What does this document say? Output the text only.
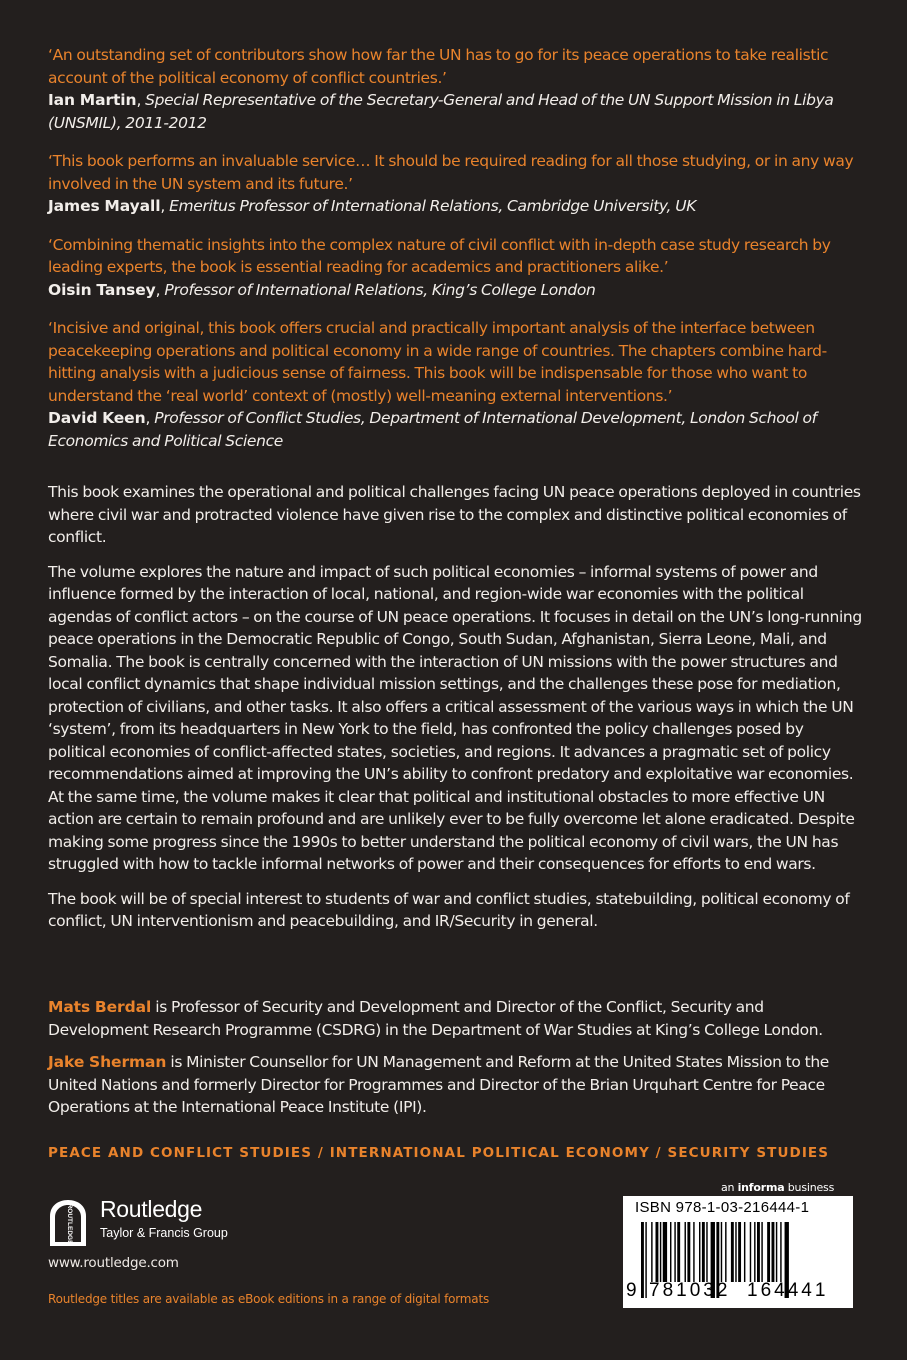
‘An outstanding set of contributors show how far the UN has to go for its peace operations to take realistic account of the political economy of conflict countries.’
Ian Martin, Special Representative of the Secretary-General and Head of the UN Support Mission in Libya (UNSMIL), 2011-2012
‘This book performs an invaluable service… It should be required reading for all those studying, or in any way involved in the UN system and its future.’
James Mayall, Emeritus Professor of International Relations, Cambridge University, UK
‘Combining thematic insights into the complex nature of civil conflict with in-depth case study research by leading experts, the book is essential reading for academics and practitioners alike.’
Oisin Tansey, Professor of International Relations, King’s College London
‘Incisive and original, this book offers crucial and practically important analysis of the interface between peacekeeping operations and political economy in a wide range of countries. The chapters combine hard-hitting analysis with a judicious sense of fairness. This book will be indispensable for those who want to understand the ‘real world’ context of (mostly) well-meaning external interventions.’
David Keen, Professor of Conflict Studies, Department of International Development, London School of Economics and Political Science

This book examines the operational and political challenges facing UN peace operations deployed in countries where civil war and protracted violence have given rise to the complex and distinctive political economies of conflict.

The volume explores the nature and impact of such political economies – informal systems of power and influence formed by the interaction of local, national, and region-wide war economies with the political agendas of conflict actors – on the course of UN peace operations. It focuses in detail on the UN’s long-running peace operations in the Democratic Republic of Congo, South Sudan, Afghanistan, Sierra Leone, Mali, and Somalia. The book is centrally concerned with the interaction of UN missions with the power structures and local conflict dynamics that shape individual mission settings, and the challenges these pose for mediation, protection of civilians, and other tasks. It also offers a critical assessment of the various ways in which the UN ‘system’, from its headquarters in New York to the field, has confronted the policy challenges posed by political economies of conflict-affected states, societies, and regions. It advances a pragmatic set of policy recommendations aimed at improving the UN’s ability to confront predatory and exploitative war economies. At the same time, the volume makes it clear that political and institutional obstacles to more effective UN action are certain to remain profound and are unlikely ever to be fully overcome let alone eradicated. Despite making some progress since the 1990s to better understand the political economy of civil wars, the UN has struggled with how to tackle informal networks of power and their consequences for efforts to end wars.

The book will be of special interest to students of war and conflict studies, statebuilding, political economy of conflict, UN interventionism and peacebuilding, and IR/Security in general.

Mats Berdal is Professor of Security and Development and Director of the Conflict, Security and Development Research Programme (CSDRG) in the Department of War Studies at King’s College London.

Jake Sherman is Minister Counsellor for UN Management and Reform at the United States Mission to the United Nations and formerly Director for Programmes and Director of the Brian Urquhart Centre for Peace Operations at the International Peace Institute (IPI).

PEACE AND CONFLICT STUDIES / INTERNATIONAL POLITICAL ECONOMY / SECURITY STUDIES
ROUTLEDGE Routledge
Taylor & Francis Group
www.routledge.com
Routledge titles are available as eBook editions in a range of digital formats
an informa business
ISBN 978-1-03-216444-1
9 781032 164441
